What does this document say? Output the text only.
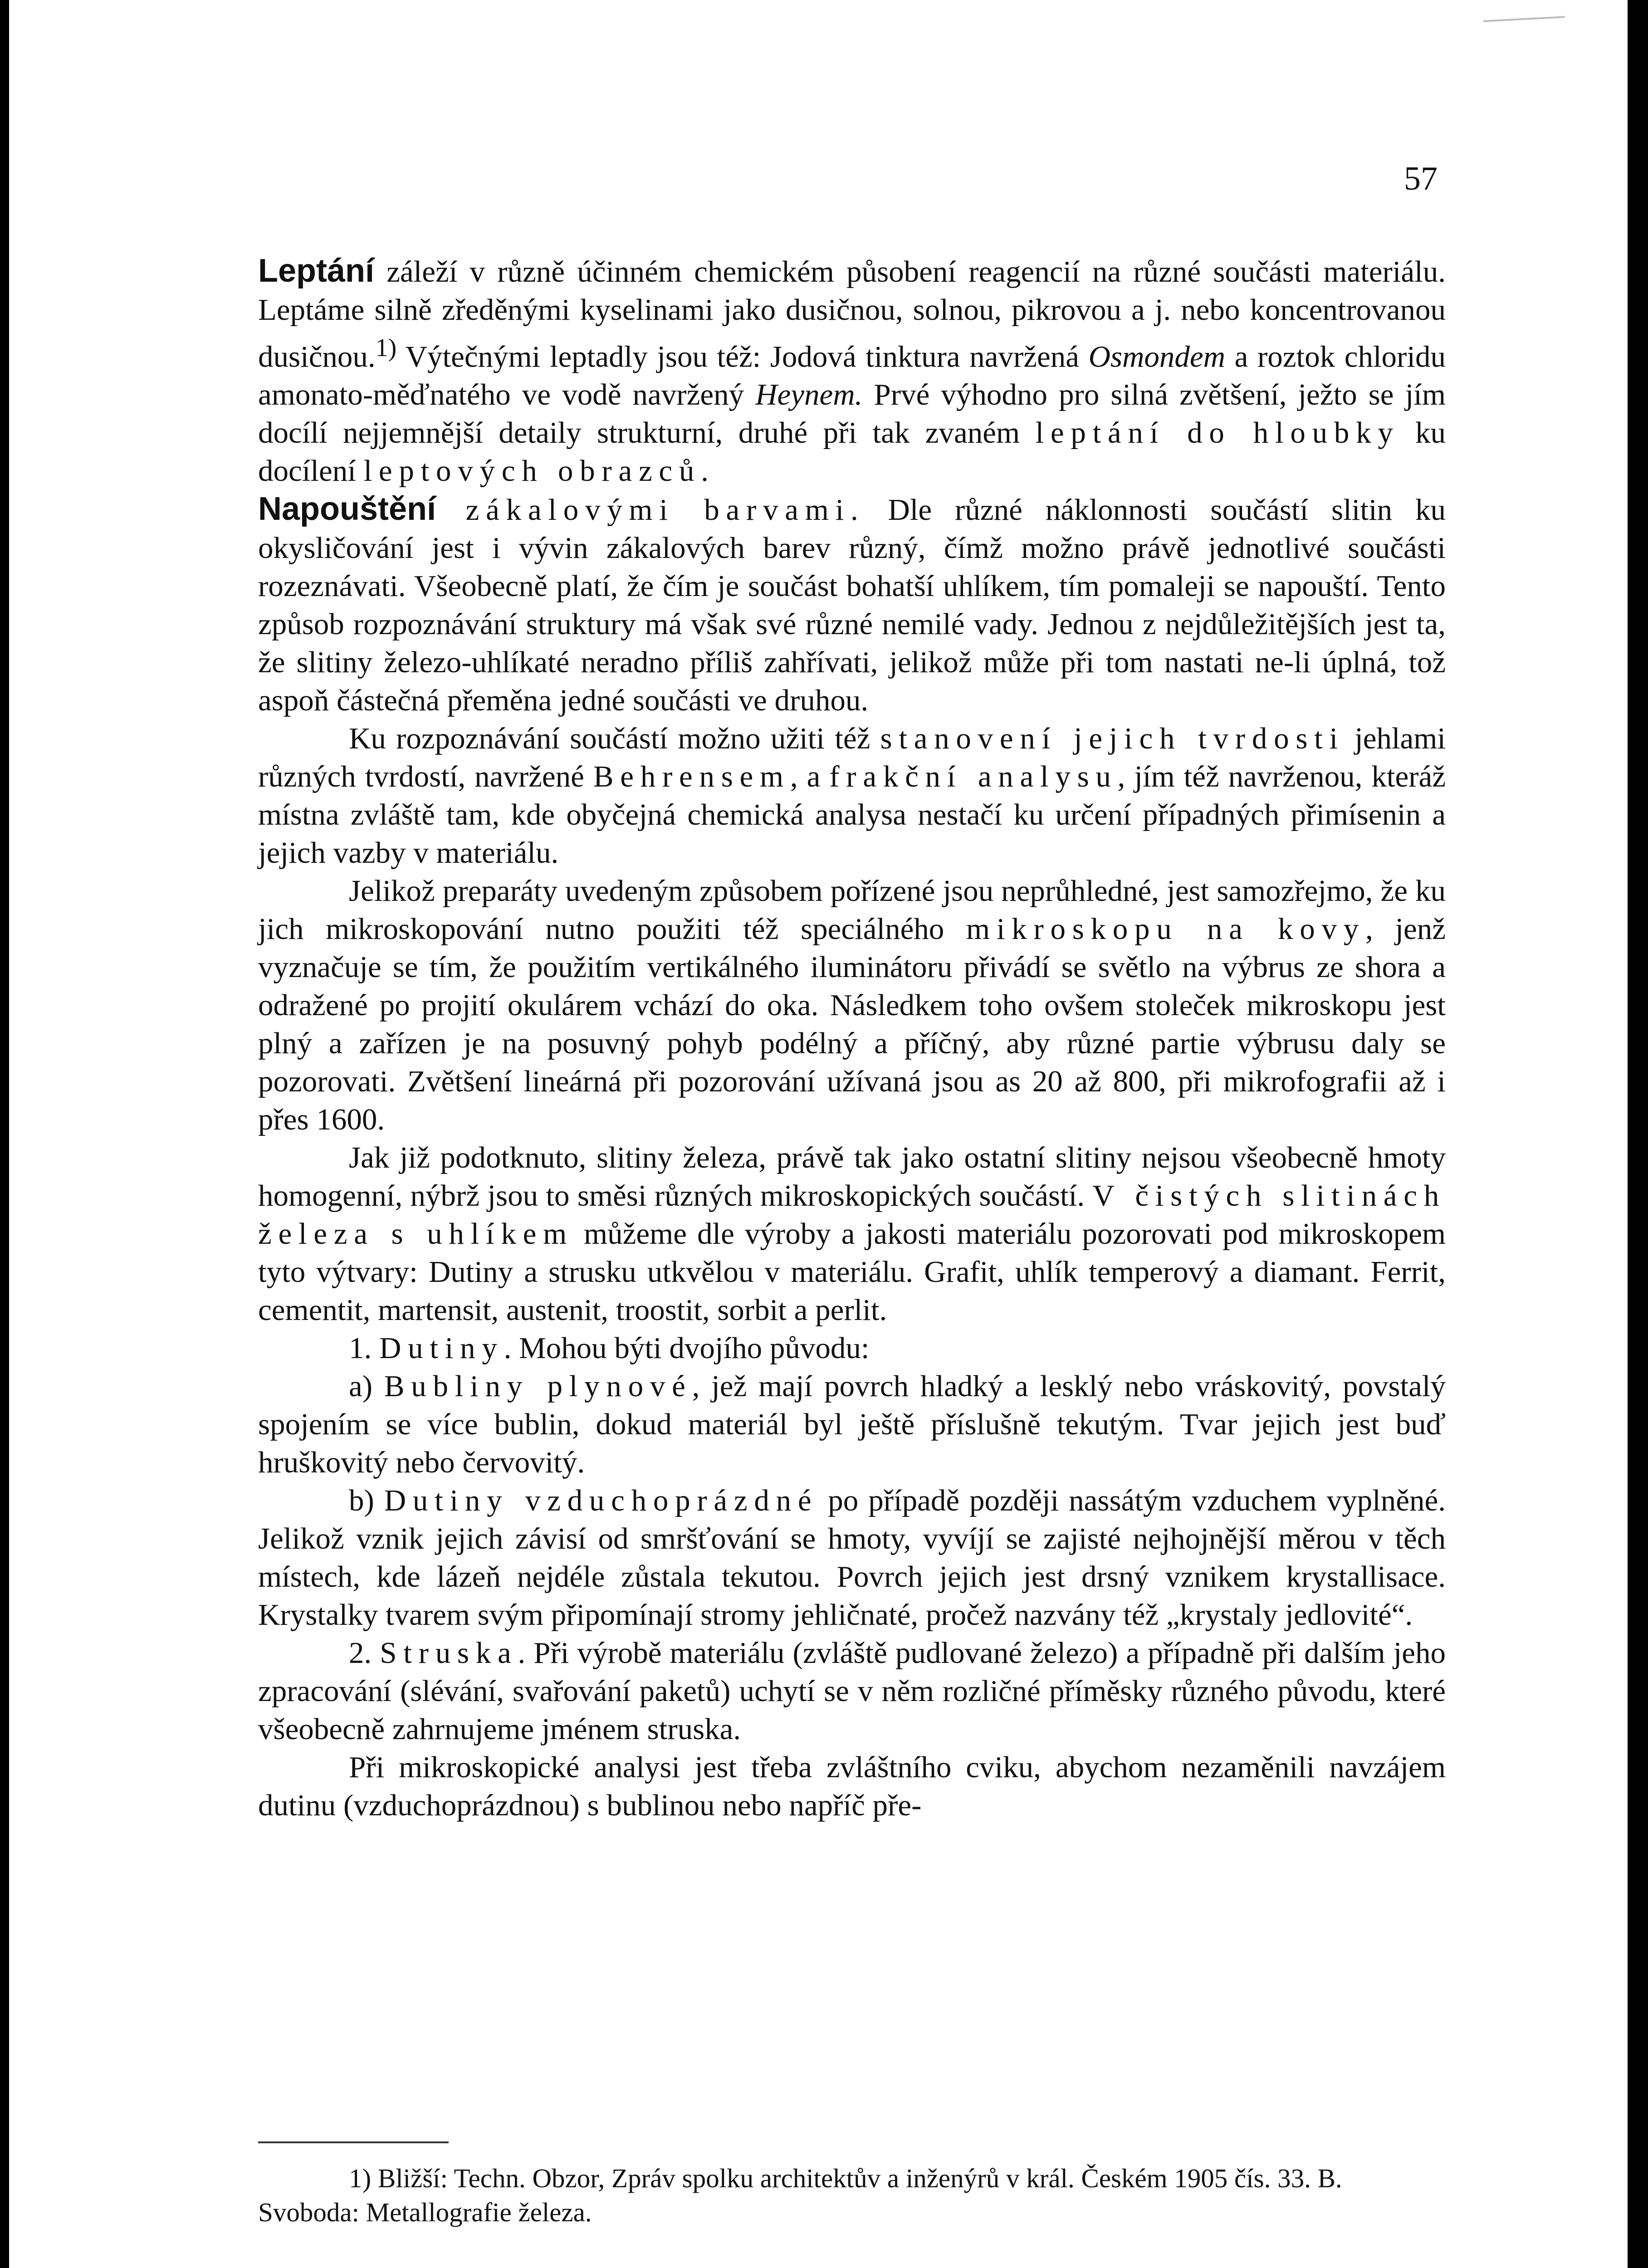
57

Leptání záleží v různě účinném chemickém působení reagencií na různé součásti materiálu. Leptáme silně zředěnými kyselinami jako dusičnou, solnou, pikrovou a j. nebo koncentrovanou dusičnou.$^{1)}$ Výtečnými leptadly jsou též: Jodová tinktura navržená Osmondem a roztok chloridu amonato-měďnatého ve vodě navržený Heynem. Prvé výhodno pro silná zvětšení, ježto se jím docílí nejjemnější detaily strukturní, druhé při tak zvaném leptání do hloubky ku docílení leptových obrazců.

Napouštění zákalovými barvami. Dle různé náklonnosti součástí slitin ku okysličování jest i vývin zákalových barev různý, čímž možno právě jednotlivé součásti rozeznávati. Všeobecně platí, že čím je součást bohatší uhlíkem, tím pomaleji se napouští. Tento způsob rozpoznávání struktury má však své různé nemilé vady. Jednou z nejdůležitějších jest ta, že slitiny železo-uhlíkaté neradno příliš zahřívati, jelikož může při tom nastati ne-li úplná, tož aspoň částečná přeměna jedné součásti ve druhou.

Ku rozpoznávání součástí možno užiti též stanovení jejich tvrdosti jehlami různých tvrdostí, navržené Behrensem, a frakční analysu, jím též navrženou, kteráž místna zvláště tam, kde obyčejná chemická analysa nestačí ku určení případných přimísenin a jejich vazby v materiálu.

Jelikož preparáty uvedeným způsobem pořízené jsou neprůhledné, jest samozřejmo, že ku jich mikroskopování nutno použiti též speciálného mikroskopu na kovy, jenž vyznačuje se tím, že použitím vertikálného iluminátoru přivádí se světlo na výbrus ze shora a odražené po projití okulárem vchází do oka. Následkem toho ovšem stoleček mikroskopu jest plný a zařízen je na posuvný pohyb podélný a příčný, aby různé partie výbrusu daly se pozorovati. Zvětšení lineárná při pozorování užívaná jsou as 20 až 800, při mikrofografii až i přes 1600.

Jak již podotknuto, slitiny železa, právě tak jako ostatní slitiny nejsou všeobecně hmoty homogenní, nýbrž jsou to směsi různých mikroskopických součástí. V čistých slitinách železa s uhlíkem můžeme dle výroby a jakosti materiálu pozorovati pod mikroskopem tyto výtvary: Dutiny a strusku utkvělou v materiálu. Grafit, uhlík temperový a diamant. Ferrit, cementit, martensit, austenit, troostit, sorbit a perlit.

1. Dutiny. Mohou býti dvojího původu:

a) Bubliny plynové, jež mají povrch hladký a lesklý nebo vráskovitý, povstalý spojením se více bublin, dokud materiál byl ještě příslušně tekutým. Tvar jejich jest buď hruškovitý nebo červovitý.

b) Dutiny vzduchoprázdné po případě později nassátým vzduchem vyplněné. Jelikož vznik jejich závisí od smršťování se hmoty, vyvíjí se zajisté nejhojnější měrou v těch místech, kde lázeň nejdéle zůstala tekutou. Povrch jejich jest drsný vznikem krystallisace. Krystalky tvarem svým připomínají stromy jehličnaté, pročež nazvány též „krystaly jedlovité“.

2. Struska. Při výrobě materiálu (zvláště pudlované železo) a případně při dalším jeho zpracování (slévání, svařování paketů) uchytí se v něm rozličné příměsky různého původu, které všeobecně zahrnujeme jménem struska.

Při mikroskopické analysi jest třeba zvláštního cviku, abychom nezaměnili navzájem dutinu (vzduchoprázdnou) s bublinou nebo napříč pře-

1) Bližší: Techn. Obzor, Zpráv spolku architektův a inženýrů v král. Českém 1905 čís. 33. B. Svoboda: Metallografie železa.
